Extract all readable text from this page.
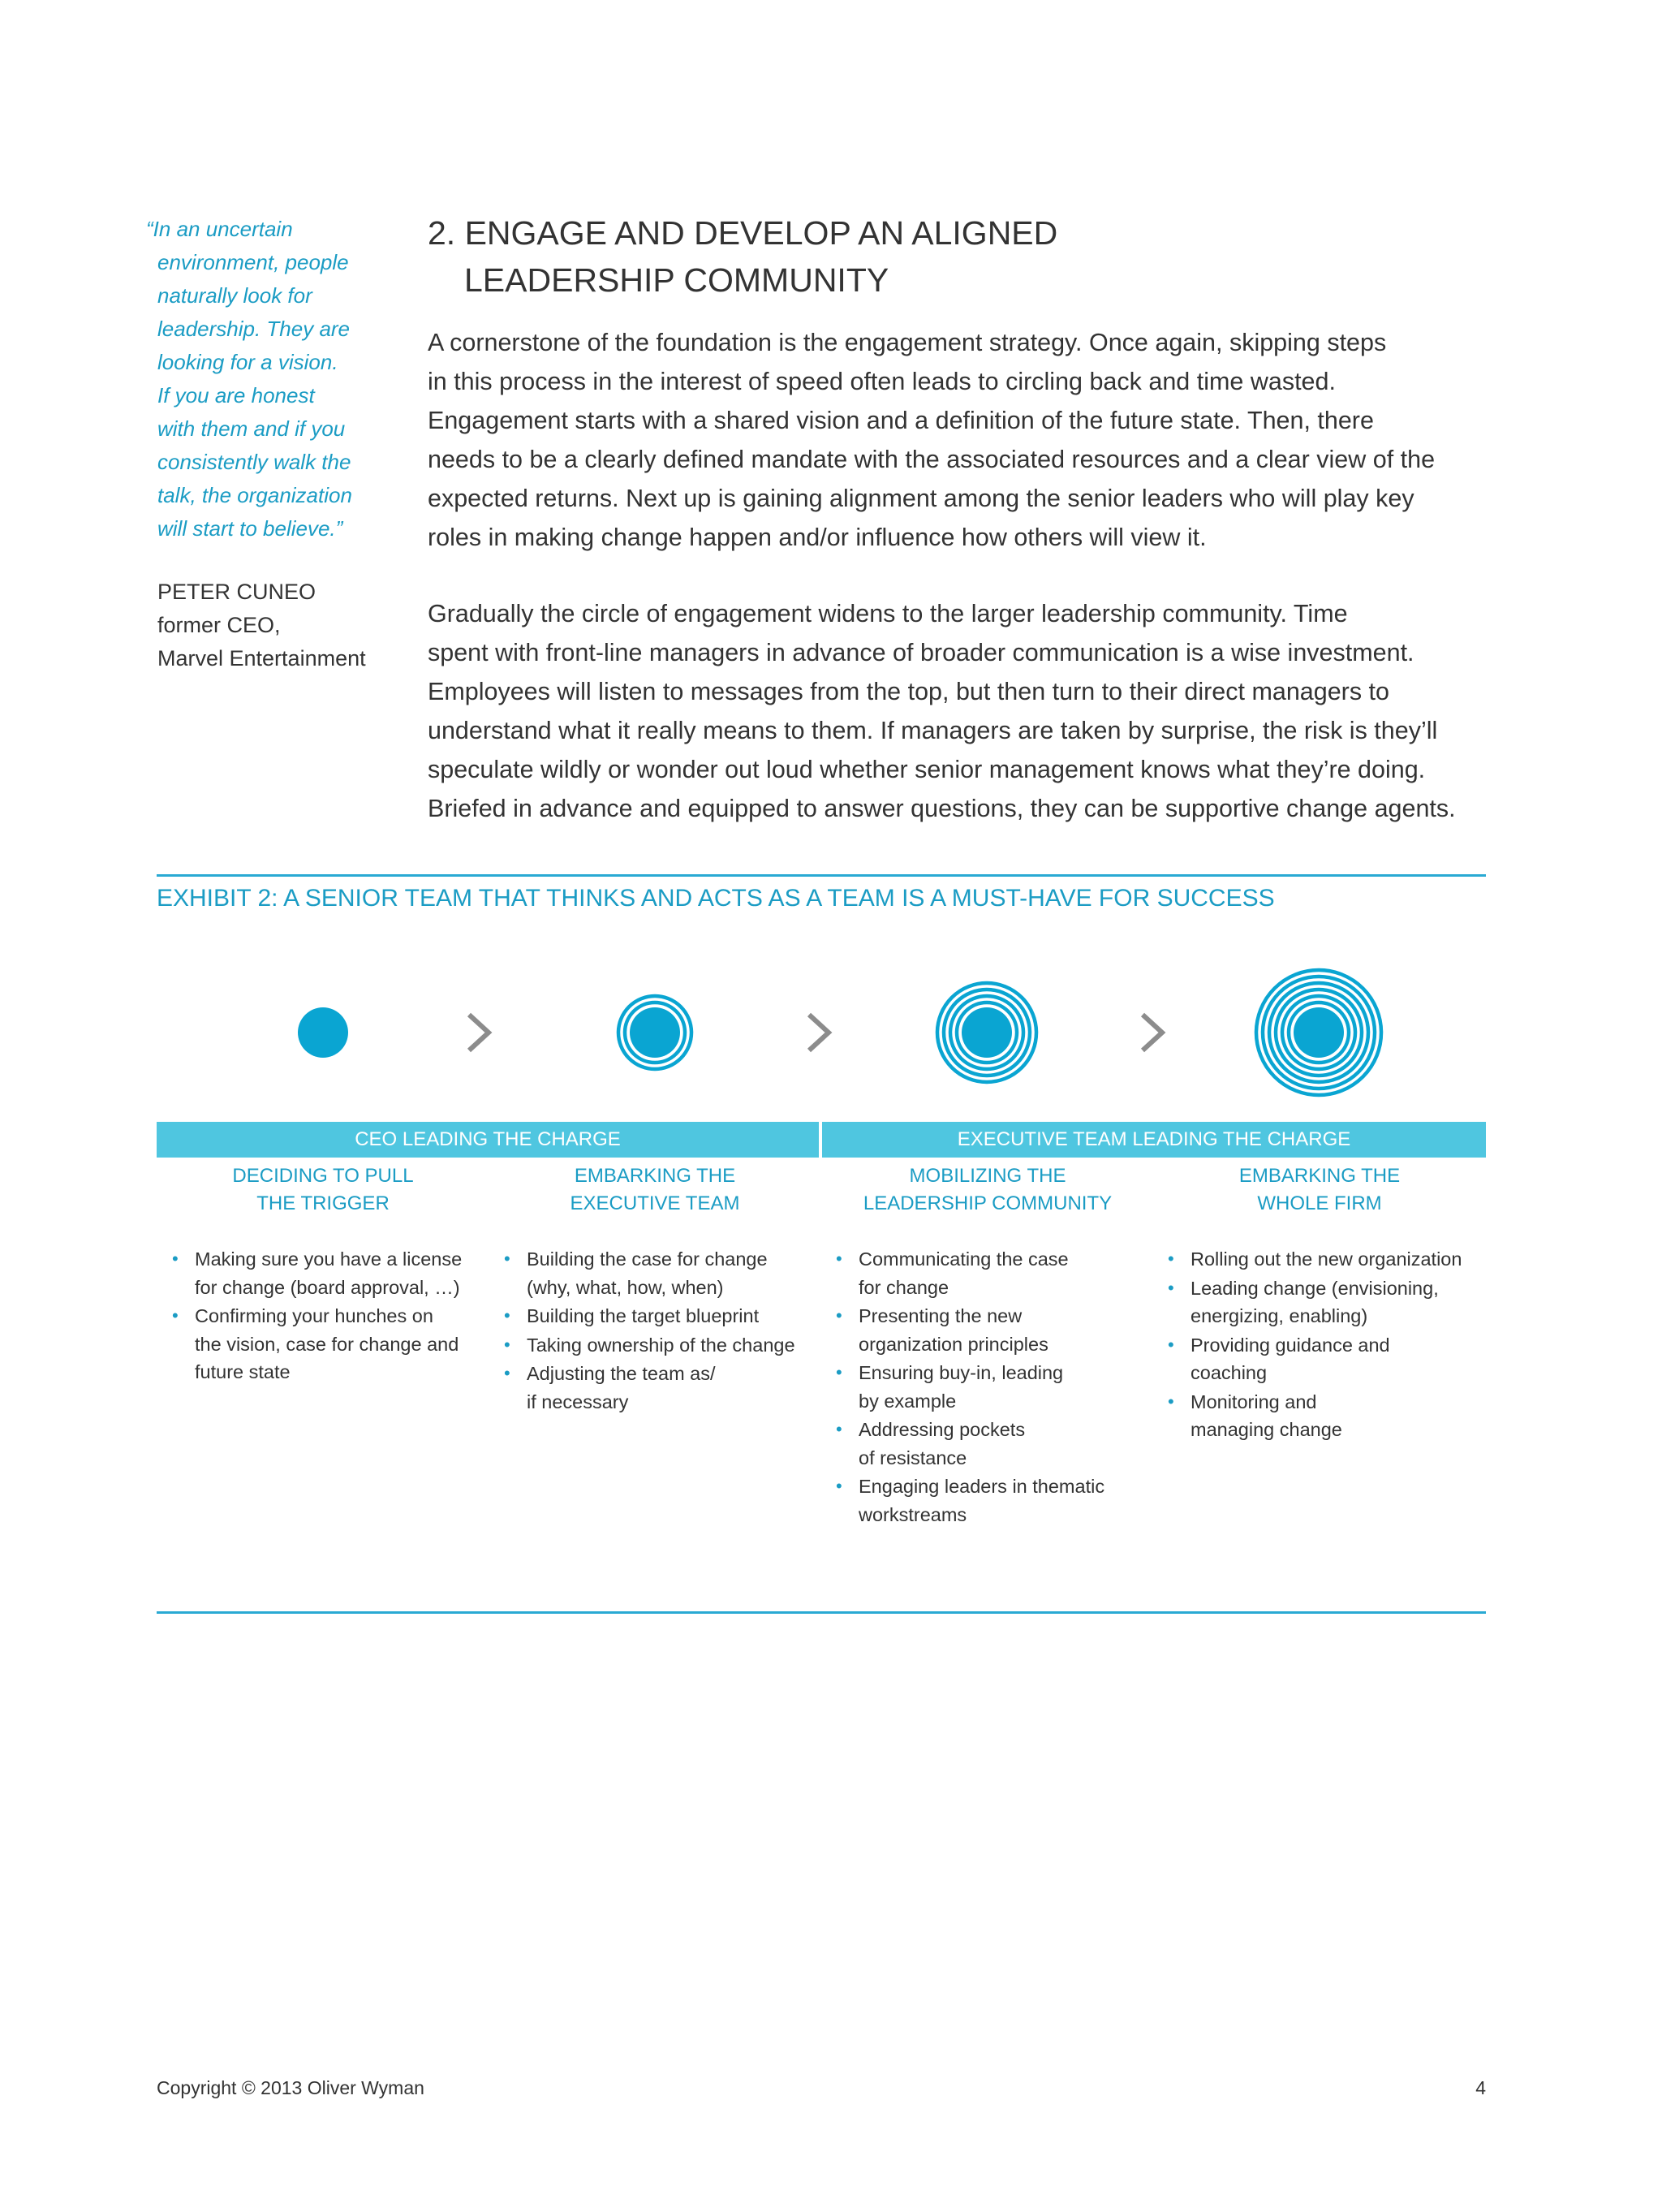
“In an uncertain
environment, people
naturally look for
leadership. They are
looking for a vision.
If you are honest
with them and if you
consistently walk the
talk, the organization
will start to believe.”
PETER CUNEO
former CEO,
Marvel Entertainment
2. ENGAGE AND DEVELOP AN ALIGNED
LEADERSHIP COMMUNITY
A cornerstone of the foundation is the engagement strategy. Once again, skipping steps
in this process in the interest of speed often leads to circling back and time wasted.
Engagement starts with a shared vision and a definition of the future state. Then, there
needs to be a clearly defined mandate with the associated resources and a clear view of the
expected returns. Next up is gaining alignment among the senior leaders who will play key
roles in making change happen and/or influence how others will view it.
Gradually the circle of engagement widens to the larger leadership community. Time
spent with front-line managers in advance of broader communication is a wise investment.
Employees will listen to messages from the top, but then turn to their direct managers to
understand what it really means to them. If managers are taken by surprise, the risk is they’ll
speculate wildly or wonder out loud whether senior management knows what they’re doing.
Briefed in advance and equipped to answer questions, they can be supportive change agents.
EXHIBIT 2: A SENIOR TEAM THAT THINKS AND ACTS AS A TEAM IS A MUST-HAVE FOR SUCCESS
CEO LEADING THE CHARGE	EXECUTIVE TEAM LEADING THE CHARGE
DECIDING TO PULL
THE TRIGGER
EMBARKING THE
EXECUTIVE TEAM
MOBILIZING THE
LEADERSHIP COMMUNITY
EMBARKING THE
WHOLE FIRM
• Making sure you have a license
for change (board approval, …)
• Confirming your hunches on
the vision, case for change and
future state
• Building the case for change
(why, what, how, when)
• Building the target blueprint
• Taking ownership of the change
• Adjusting the team as/
if necessary
• Communicating the case
for change
• Presenting the new
organization principles
• Ensuring buy-in, leading
by example
• Addressing pockets
of resistance
• Engaging leaders in thematic
workstreams
• Rolling out the new organization
• Leading change (envisioning,
energizing, enabling)
• Providing guidance and
coaching
• Monitoring and
managing change
Copyright © 2013 Oliver Wyman	4
